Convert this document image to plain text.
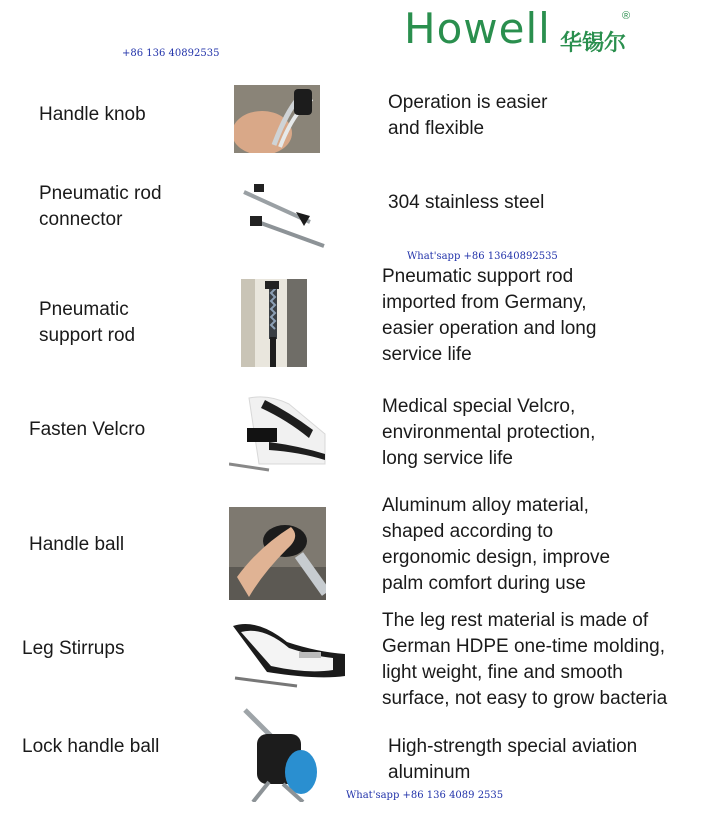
Howell 华锡尔
®
+86 136 40892535
What'sapp +86 13640892535
What'sapp +86 136 4089 2535
Handle knob
Operation is easier
and flexible
Pneumatic rod
connector
304 stainless steel
Pneumatic
support rod
Pneumatic support rod
imported from Germany,
easier operation and long
service life
Fasten Velcro
Medical special Velcro,
environmental protection,
long service life
Handle ball
Aluminum alloy material,
shaped according to
ergonomic design, improve
palm comfort during use
Leg Stirrups
The leg rest material is made of
German HDPE one-time molding,
light weight, fine and smooth
surface, not easy to grow bacteria
Lock handle ball	High-strength special aviation
aluminum
